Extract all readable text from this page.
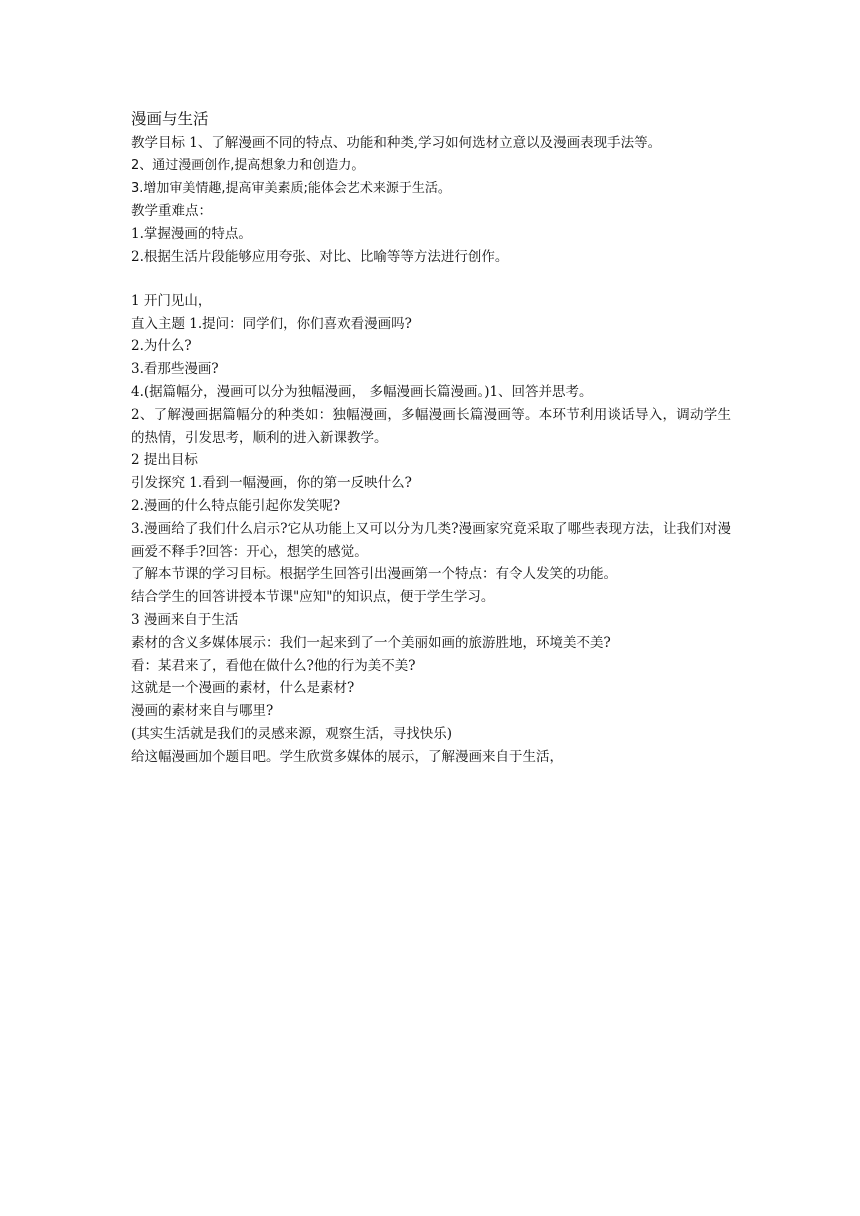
漫画与生活

教学目标 1、了解漫画不同的特点、功能和种类,学习如何选材立意以及漫画表现手法等。

2、通过漫画创作,提高想象力和创造力。

3.增加审美情趣,提高审美素质;能体会艺术来源于生活。

教学重难点：

1.掌握漫画的特点。

2.根据生活片段能够应用夸张、对比、比喻等等方法进行创作。

1 开门见山，

直入主题 1.提问：同学们，你们喜欢看漫画吗?

2.为什么?

3.看那些漫画?

4.(据篇幅分，漫画可以分为独幅漫画， 多幅漫画长篇漫画。)1、回答并思考。

2、了解漫画据篇幅分的种类如：独幅漫画，多幅漫画长篇漫画等。本环节利用谈话导入，调动学生的热情，引发思考，顺利的进入新课教学。

2 提出目标

引发探究 1.看到一幅漫画，你的第一反映什么?

2.漫画的什么特点能引起你发笑呢?

3.漫画给了我们什么启示?它从功能上又可以分为几类?漫画家究竟采取了哪些表现方法，让我们对漫画爱不释手?回答：开心，想笑的感觉。

了解本节课的学习目标。根据学生回答引出漫画第一个特点：有令人发笑的功能。

结合学生的回答讲授本节课"应知"的知识点，便于学生学习。

3 漫画来自于生活

素材的含义多媒体展示：我们一起来到了一个美丽如画的旅游胜地，环境美不美?

看：某君来了，看他在做什么?他的行为美不美?

这就是一个漫画的素材，什么是素材?

漫画的素材来自与哪里?

(其实生活就是我们的灵感来源，观察生活，寻找快乐)

给这幅漫画加个题目吧。学生欣赏多媒体的展示，了解漫画来自于生活，
